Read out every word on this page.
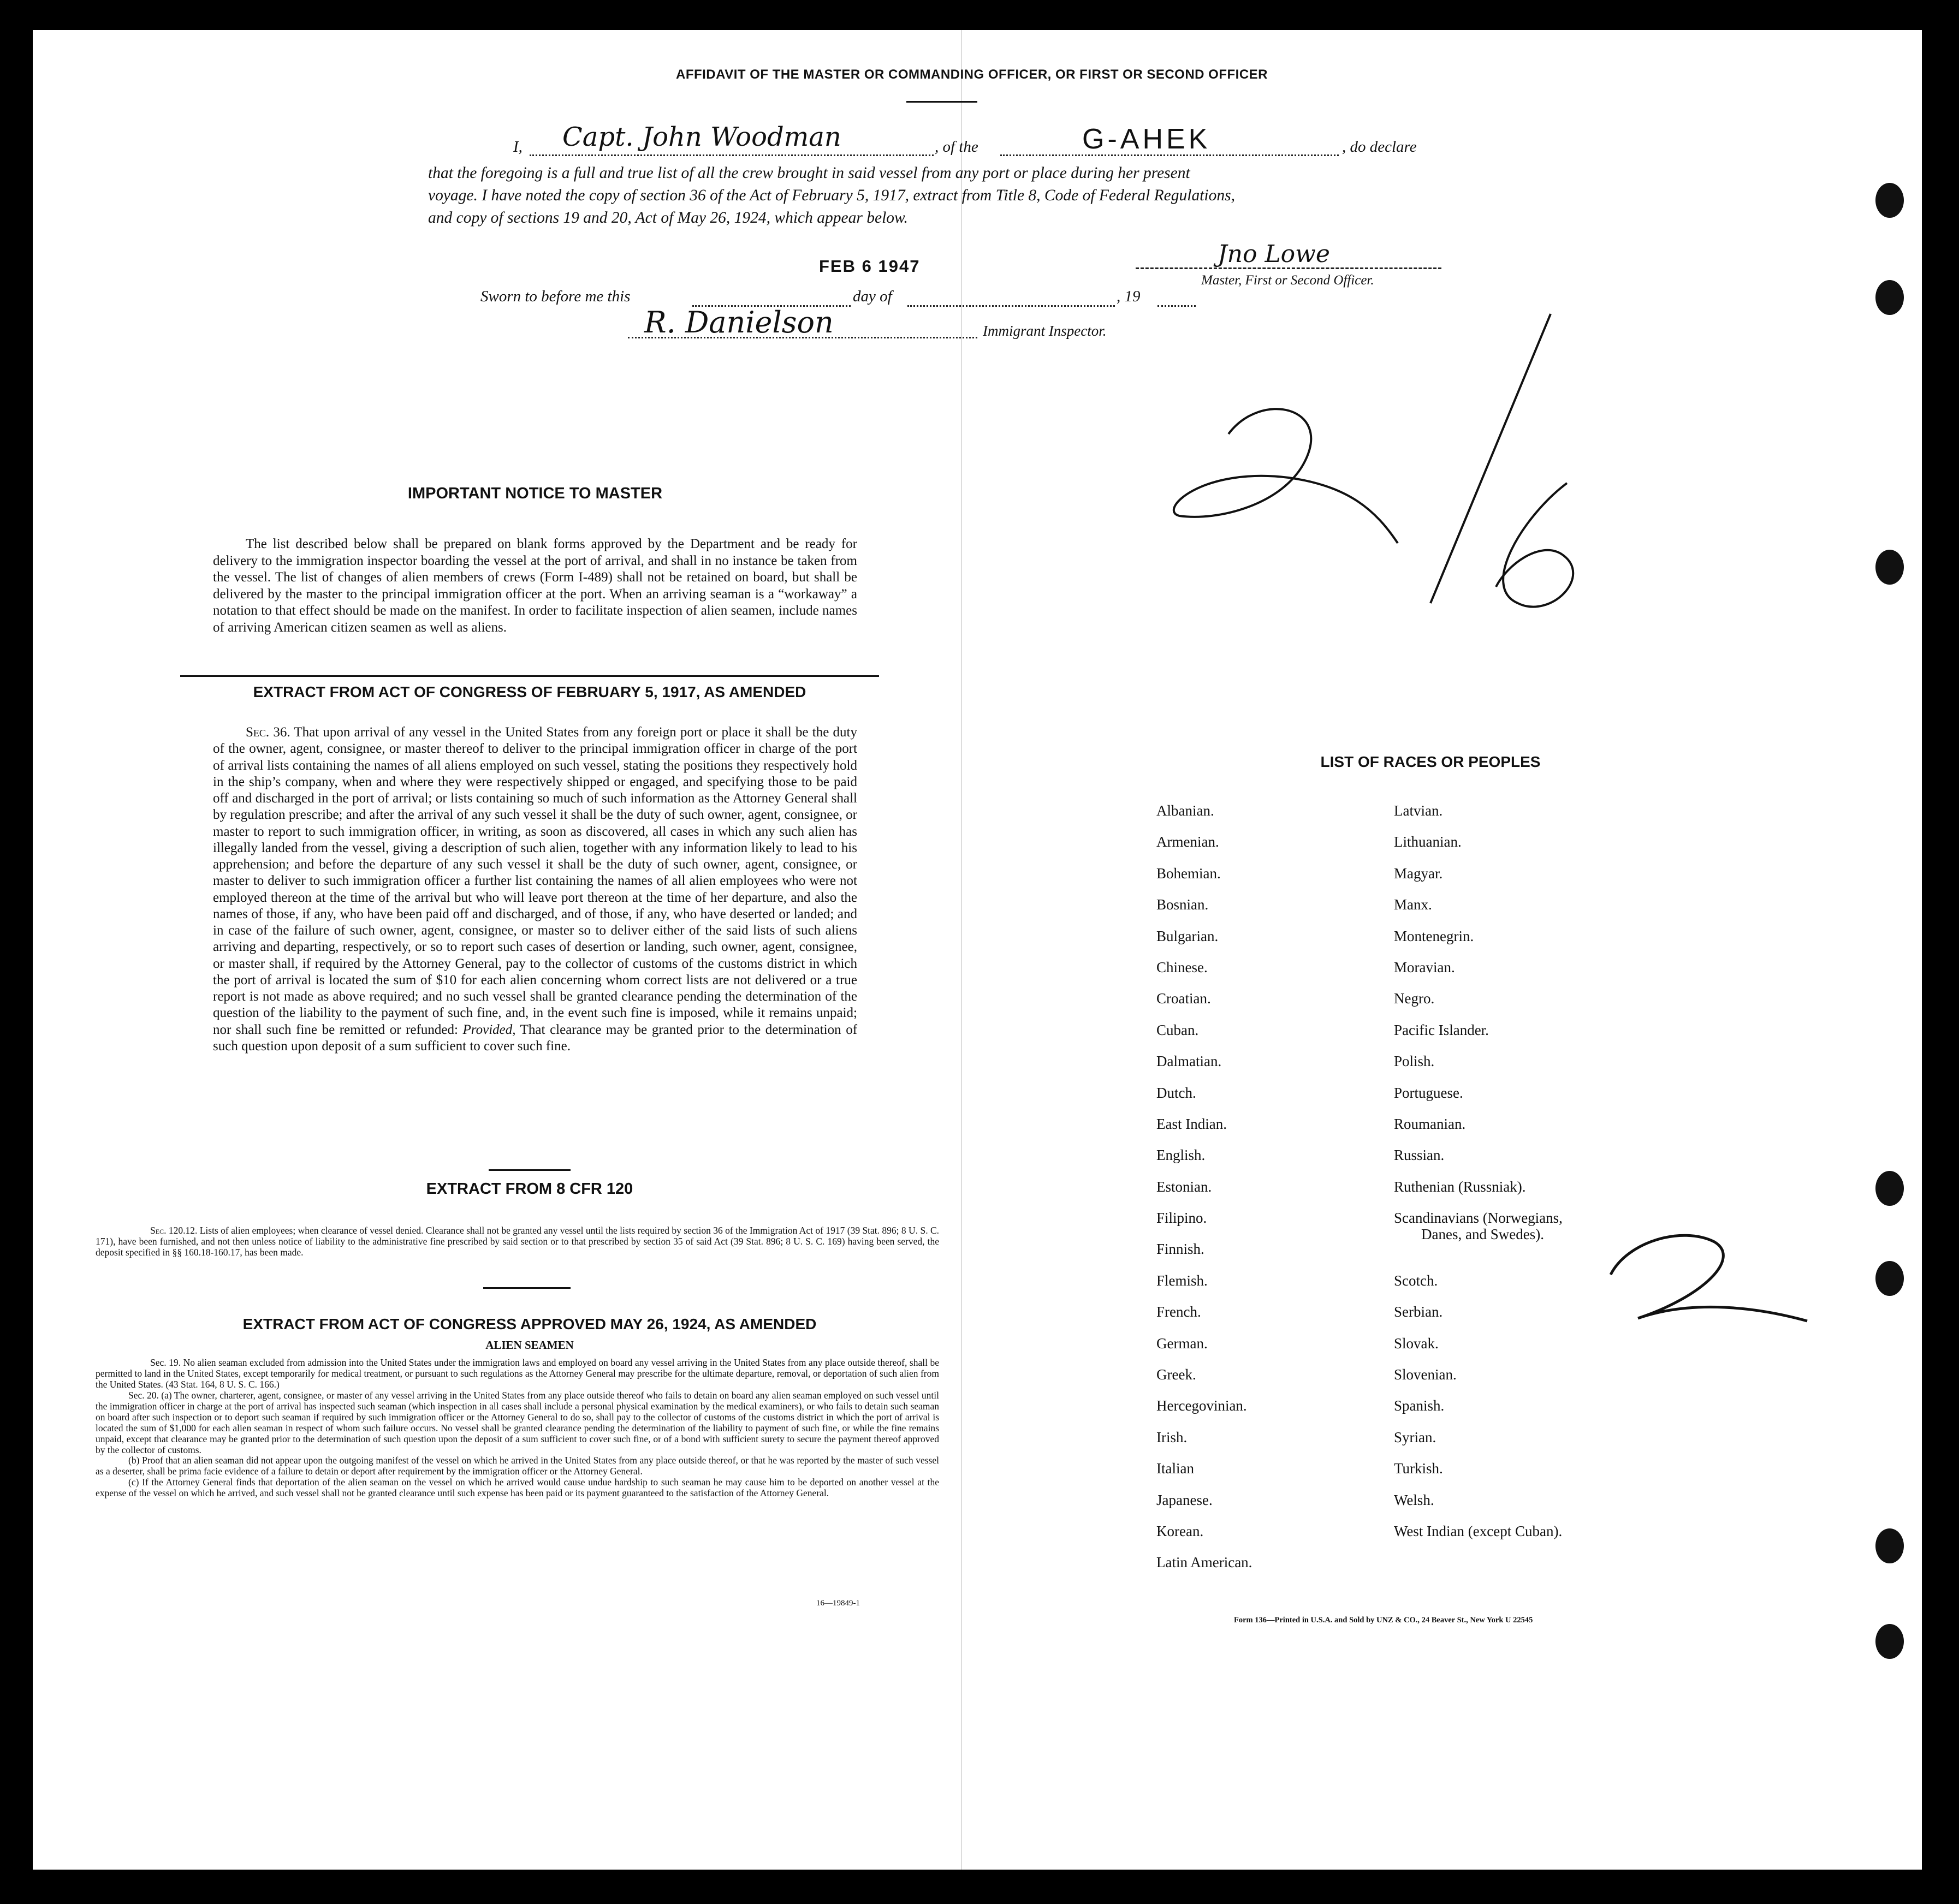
AFFIDAVIT OF THE MASTER OR COMMANDING OFFICER, OR FIRST OR SECOND OFFICER
I, Capt. John Woodman	, of the	G-AHEK	, do declare
that the foregoing is a full and true list of all the crew brought in said vessel from any port or place during her present
voyage. I have noted the copy of section 36 of the Act of February 5, 1917, extract from Title 8, Code of Federal Regulations,
and copy of sections 19 and 20, Act of May 26, 1924, which appear below.
Jno Lowe
Master, First or Second Officer.
FEB 6 1947
Sworn to before me this	day of	, 19
R. Danielson	Immigrant Inspector.
IMPORTANT NOTICE TO MASTER
The list described below shall be prepared on blank forms approved by the Department and be ready for delivery to the immigration inspector boarding the vessel at the port of arrival, and shall in no instance be taken from the vessel. The list of changes of alien members of crews (Form I-489) shall not be retained on board, but shall be delivered by the master to the principal immigration officer at the port. When an arriving seaman is a “workaway” a notation to that effect should be made on the manifest. In order to facilitate inspection of alien seamen, include names of arriving American citizen seamen as well as aliens.
EXTRACT FROM ACT OF CONGRESS OF FEBRUARY 5, 1917, AS AMENDED
Sec. 36. That upon arrival of any vessel in the United States from any foreign port or place it shall be the duty of the owner, agent, consignee, or master thereof to deliver to the principal immigration officer in charge of the port of arrival lists containing the names of all aliens employed on such vessel, stating the positions they respectively hold in the ship’s company, when and where they were respectively shipped or engaged, and specifying those to be paid off and discharged in the port of arrival; or lists containing so much of such information as the Attorney General shall by regulation prescribe; and after the arrival of any such vessel it shall be the duty of such owner, agent, consignee, or master to report to such immigration officer, in writing, as soon as discovered, all cases in which any such alien has illegally landed from the vessel, giving a description of such alien, together with any information likely to lead to his apprehension; and before the departure of any such vessel it shall be the duty of such owner, agent, consignee, or master to deliver to such immigration officer a further list containing the names of all alien employees who were not employed thereon at the time of the arrival but who will leave port thereon at the time of her departure, and also the names of those, if any, who have been paid off and discharged, and of those, if any, who have deserted or landed; and in case of the failure of such owner, agent, consignee, or master so to deliver either of the said lists of such aliens arriving and departing, respectively, or so to report such cases of desertion or landing, such owner, agent, consignee, or master shall, if required by the Attorney General, pay to the collector of customs of the customs district in which the port of arrival is located the sum of $10 for each alien concerning whom correct lists are not delivered or a true report is not made as above required; and no such vessel shall be granted clearance pending the determination of the question of the liability to the payment of such fine, and, in the event such fine is imposed, while it remains unpaid; nor shall such fine be remitted or refunded: Provided, That clearance may be granted prior to the determination of such question upon deposit of a sum sufficient to cover such fine.
EXTRACT FROM 8 CFR 120
Sec. 120.12. Lists of alien employees; when clearance of vessel denied. Clearance shall not be granted any vessel until the lists required by section 36 of the Immigration Act of 1917 (39 Stat. 896; 8 U. S. C. 171), have been furnished, and not then unless notice of liability to the administrative fine prescribed by said section or to that prescribed by section 35 of said Act (39 Stat. 896; 8 U. S. C. 169) having been served, the deposit specified in §§ 160.18-160.17, has been made.
EXTRACT FROM ACT OF CONGRESS APPROVED MAY 26, 1924, AS AMENDED
ALIEN SEAMEN
Sec. 19. No alien seaman excluded from admission into the United States under the immigration laws and employed on board any vessel arriving in the United States from any place outside thereof, shall be permitted to land in the United States, except temporarily for medical treatment, or pursuant to such regulations as the Attorney General may prescribe for the ultimate departure, removal, or deportation of such alien from the United States. (43 Stat. 164, 8 U. S. C. 166.)
Sec. 20. (a) The owner, charterer, agent, consignee, or master of any vessel arriving in the United States from any place outside thereof who fails to detain on board any alien seaman employed on such vessel until the immigration officer in charge at the port of arrival has inspected such seaman (which inspection in all cases shall include a personal physical examination by the medical examiners), or who fails to detain such seaman on board after such inspection or to deport such seaman if required by such immigration officer or the Attorney General to do so, shall pay to the collector of customs of the customs district in which the port of arrival is located the sum of $1,000 for each alien seaman in respect of whom such failure occurs. No vessel shall be granted clearance pending the determination of the liability to payment of such fine, or while the fine remains unpaid, except that clearance may be granted prior to the determination of such question upon the deposit of a sum sufficient to cover such fine, or of a bond with sufficient surety to secure the payment thereof approved by the collector of customs.
(b) Proof that an alien seaman did not appear upon the outgoing manifest of the vessel on which he arrived in the United States from any place outside thereof, or that he was reported by the master of such vessel as a deserter, shall be prima facie evidence of a failure to detain or deport after requirement by the immigration officer or the Attorney General.
(c) If the Attorney General finds that deportation of the alien seaman on the vessel on which he arrived would cause undue hardship to such seaman he may cause him to be deported on another vessel at the expense of the vessel on which he arrived, and such vessel shall not be granted clearance until such expense has been paid or its payment guaranteed to the satisfaction of the Attorney General.
16—19849-1
LIST OF RACES OR PEOPLES
Albanian.
Armenian.
Bohemian.
Bosnian.
Bulgarian.
Chinese.
Croatian.
Cuban.
Dalmatian.
Dutch.
East Indian.
English.
Estonian.
Filipino.
Finnish.
Flemish.
French.
German.
Greek.
Hercegovinian.
Irish.
Italian
Japanese.
Korean.
Latin American.
Latvian.
Lithuanian.
Magyar.
Manx.
Montenegrin.
Moravian.
Negro.
Pacific Islander.
Polish.
Portuguese.
Roumanian.
Russian.
Ruthenian (Russniak).
Scandinavians (Norwegians,
Danes, and Swedes).
Scotch.
Serbian.
Slovak.
Slovenian.
Spanish.
Syrian.
Turkish.
Welsh.
West Indian (except Cuban).
Form 136—Printed in U.S.A. and Sold by UNZ & CO., 24 Beaver St., New York U 22545
